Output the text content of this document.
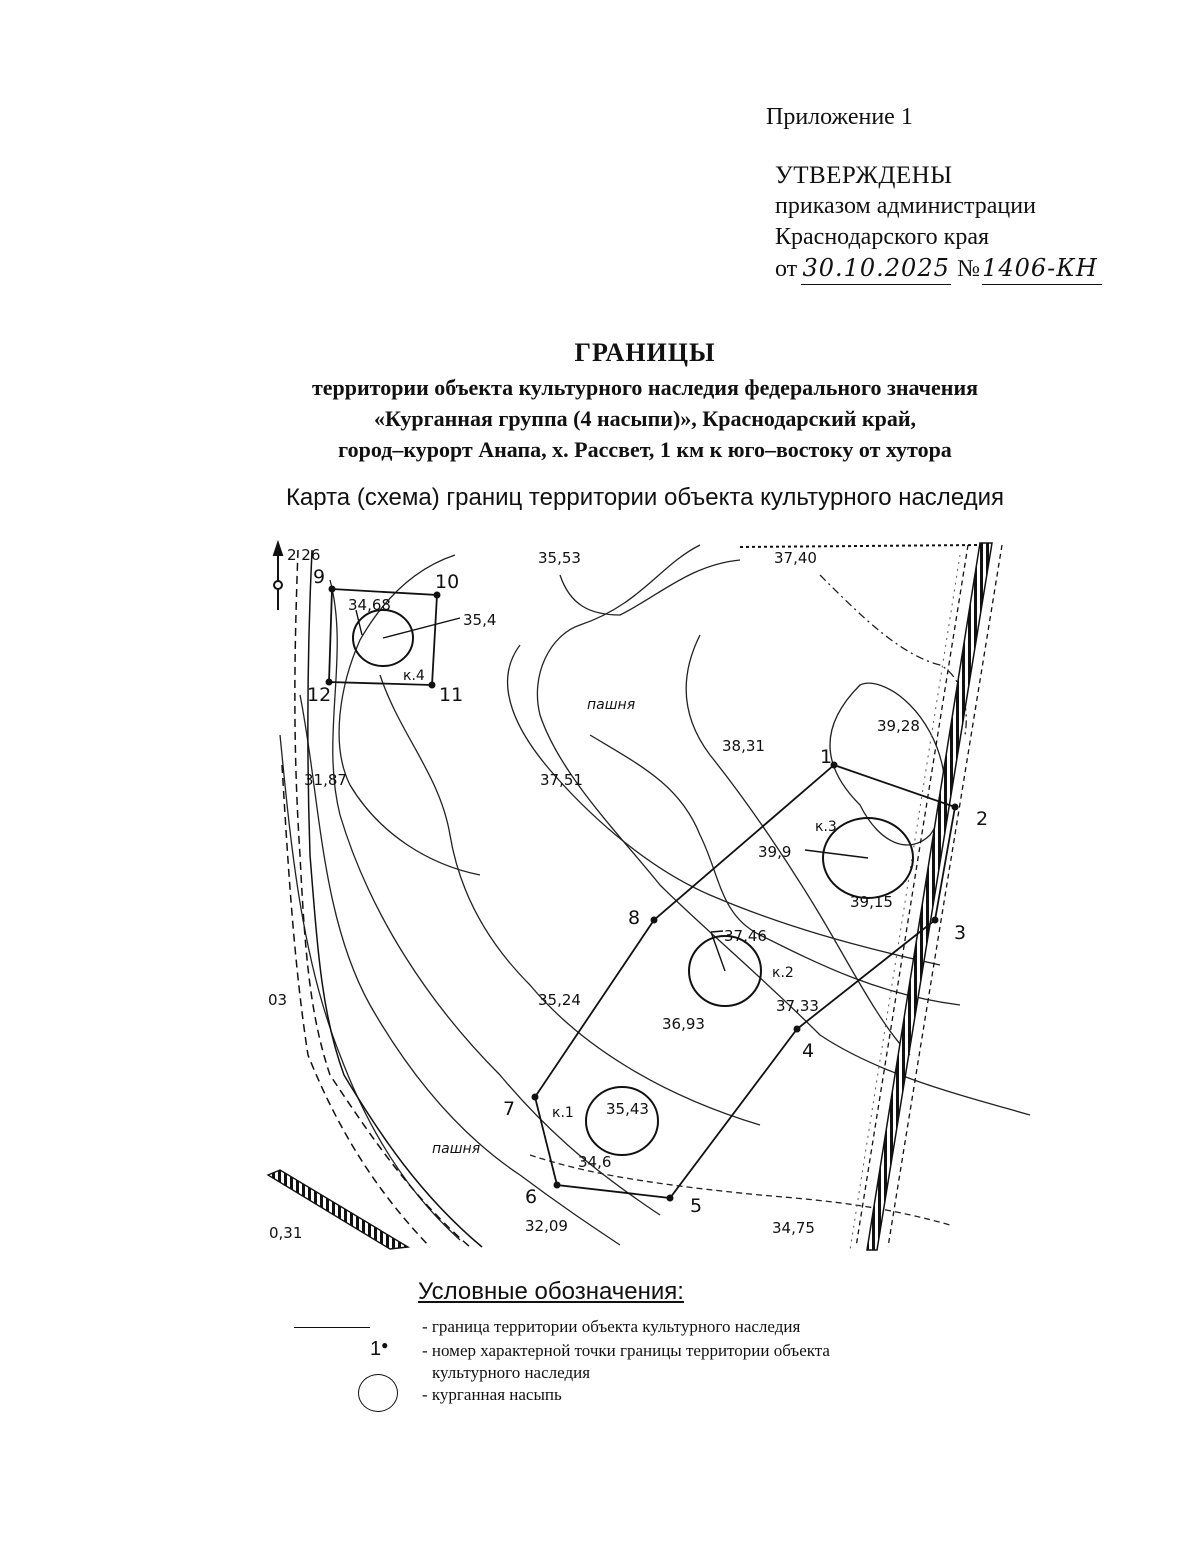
Приложение 1
УТВЕРЖДЕНЫ
приказом администрации
Краснодарского края
от 30.10.2025 №1406-КН
ГРАНИЦЫ
территории объекта культурного наследия федерального значения
«Курганная группа (4 насыпи)», Краснодарский край,
город–курорт Анапа, х. Рассвет, 1 км к юго–востоку от хутора
Карта (схема) границ территории объекта культурного наследия
1
2
3
4
5
6
7
8
9	10
11
12
к.1
к.2
к.3
к.4
пашня
пашня
35,53	37,40
34,68
35,4
39,28
38,31
37,51
31,87
39,9
39,15
37,46
35,24
36,93
37,33
35,43
34,6
32,09	34,75
0,31
2 26
03
Условные обозначения:
- граница территории объекта культурного наследия
1● - номер характерной точки границы территории объекта
культурного наследия
- курганная насыпь
